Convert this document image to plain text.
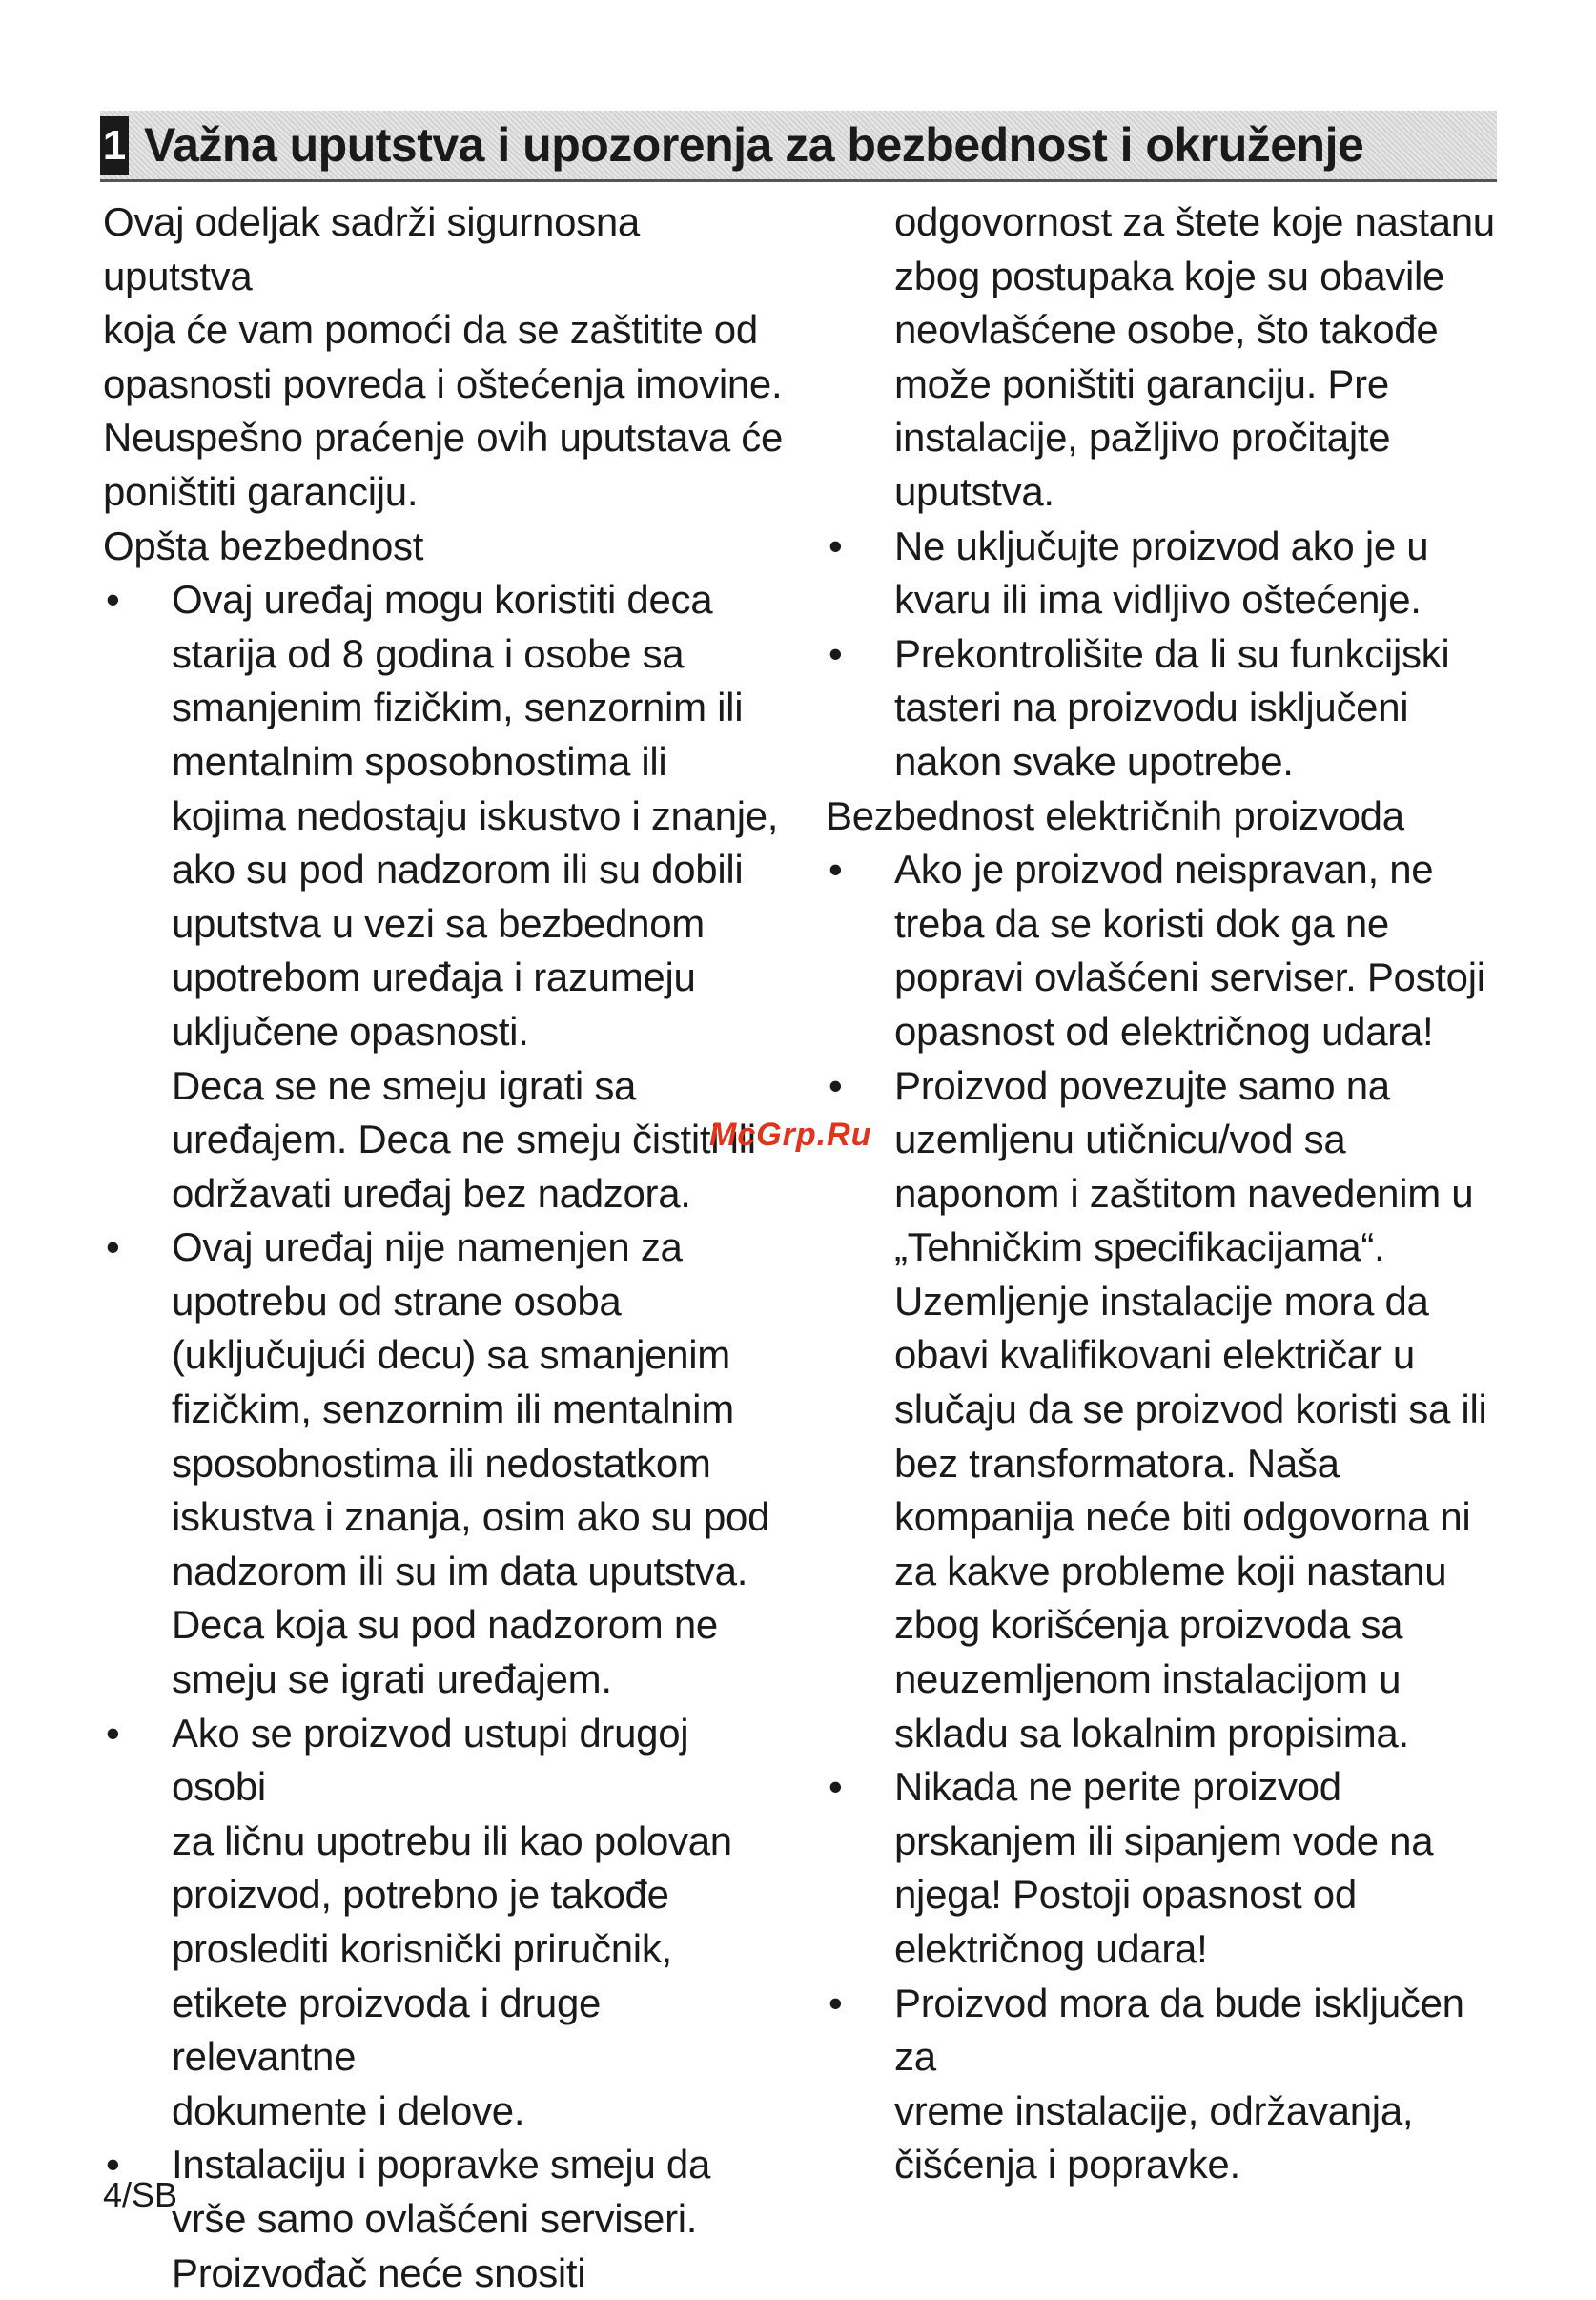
1 Važna uputstva i upozorenja za bezbednost i okruženje

Ovaj odeljak sadrži sigurnosna uputstva

koja će vam pomoći da se zaštitite od

opasnosti povreda i oštećenja imovine.

Neuspešno praćenje ovih uputstava će

poništiti garanciju.

Opšta bezbednost

• Ovaj uređaj mogu koristiti deca

starija od 8 godina i osobe sa

smanjenim fizičkim, senzornim ili

mentalnim sposobnostima ili

kojima nedostaju iskustvo i znanje,

ako su pod nadzorom ili su dobili

uputstva u vezi sa bezbednom

upotrebom uređaja i razumeju

uključene opasnosti.

Deca se ne smeju igrati sa

uređajem. Deca ne smeju čistiti ili

održavati uređaj bez nadzora.

• Ovaj uređaj nije namenjen za

upotrebu od strane osoba

(uključujući decu) sa smanjenim

fizičkim, senzornim ili mentalnim

sposobnostima ili nedostatkom

iskustva i znanja, osim ako su pod

nadzorom ili su im data uputstva.

Deca koja su pod nadzorom ne

smeju se igrati uređajem.

• Ako se proizvod ustupi drugoj osobi

za ličnu upotrebu ili kao polovan

proizvod, potrebno je takođe

proslediti korisnički priručnik,

etikete proizvoda i druge relevantne

dokumente i delove.

• Instalaciju i popravke smeju da

vrše samo ovlašćeni serviseri.

Proizvođač neće snositi

odgovornost za štete koje nastanu

zbog postupaka koje su obavile

neovlašćene osobe, što takođe

može poništiti garanciju. Pre

instalacije, pažljivo pročitajte

uputstva.

• Ne uključujte proizvod ako je u

kvaru ili ima vidljivo oštećenje.

• Prekontrolišite da li su funkcijski

tasteri na proizvodu isključeni

nakon svake upotrebe.

Bezbednost električnih proizvoda

• Ako je proizvod neispravan, ne

treba da se koristi dok ga ne

popravi ovlašćeni serviser. Postoji

opasnost od električnog udara!

• Proizvod povezujte samo na

uzemljenu utičnicu/vod sa

naponom i zaštitom navedenim u

„Tehničkim specifikacijama“.

Uzemljenje instalacije mora da

obavi kvalifikovani električar u

slučaju da se proizvod koristi sa ili

bez transformatora. Naša

kompanija neće biti odgovorna ni

za kakve probleme koji nastanu

zbog korišćenja proizvoda sa

neuzemljenom instalacijom u

skladu sa lokalnim propisima.

• Nikada ne perite proizvod

prskanjem ili sipanjem vode na

njega! Postoji opasnost od

električnog udara!

• Proizvod mora da bude isključen za

vreme instalacije, održavanja,

čišćenja i popravke.

McGrp.Ru
4/SB
